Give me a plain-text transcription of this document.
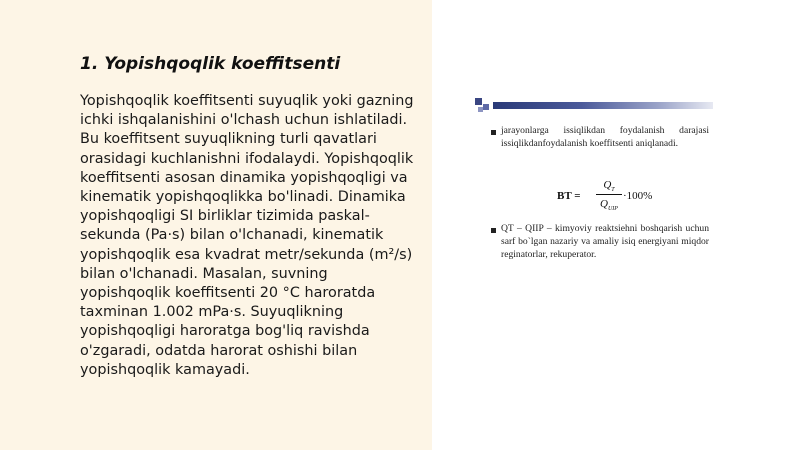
1. Yopishqoqlik koeffitsenti

Yopishqoqlik koeffitsenti suyuqlik yoki gazning ichki ishqalanishini o'lchash uchun ishlatiladi. Bu koeffitsent suyuqlikning turli qavatlari orasidagi kuchlanishni ifodalaydi. Yopishqoqlik koeffitsenti asosan dinamika yopishqoqligi va kinematik yopishqoqlikka bo'linadi. Dinamika yopishqoqligi SI birliklar tizimida paskal-sekunda (Pa·s) bilan o'lchanadi, kinematik yopishqoqlik esa kvadrat metr/sekunda (m²/s) bilan o'lchanadi. Masalan, suvning yopishqoqlik koeffitsenti 20 °C haroratda taxminan 1.002 mPa·s. Suyuqlikning yopishqoqligi haroratga bog'liq ravishda o'zgaradi, odatda harorat oshishi bilan yopishqoqlik kamayadi.

jarayonlarga issiqlikdan foydalanish darajasi issiqlikdanfoydalanish koeffitsenti aniqlanadi.

BT =
$Q_T$
$Q_{UIP}$
·100%

QT – QIIP – kimyoviy reaktsiehni boshqarish uchun sarf bo`lgan nazariy va amaliy isiq energiyani miqdor reginatorlar, rekuperator.
